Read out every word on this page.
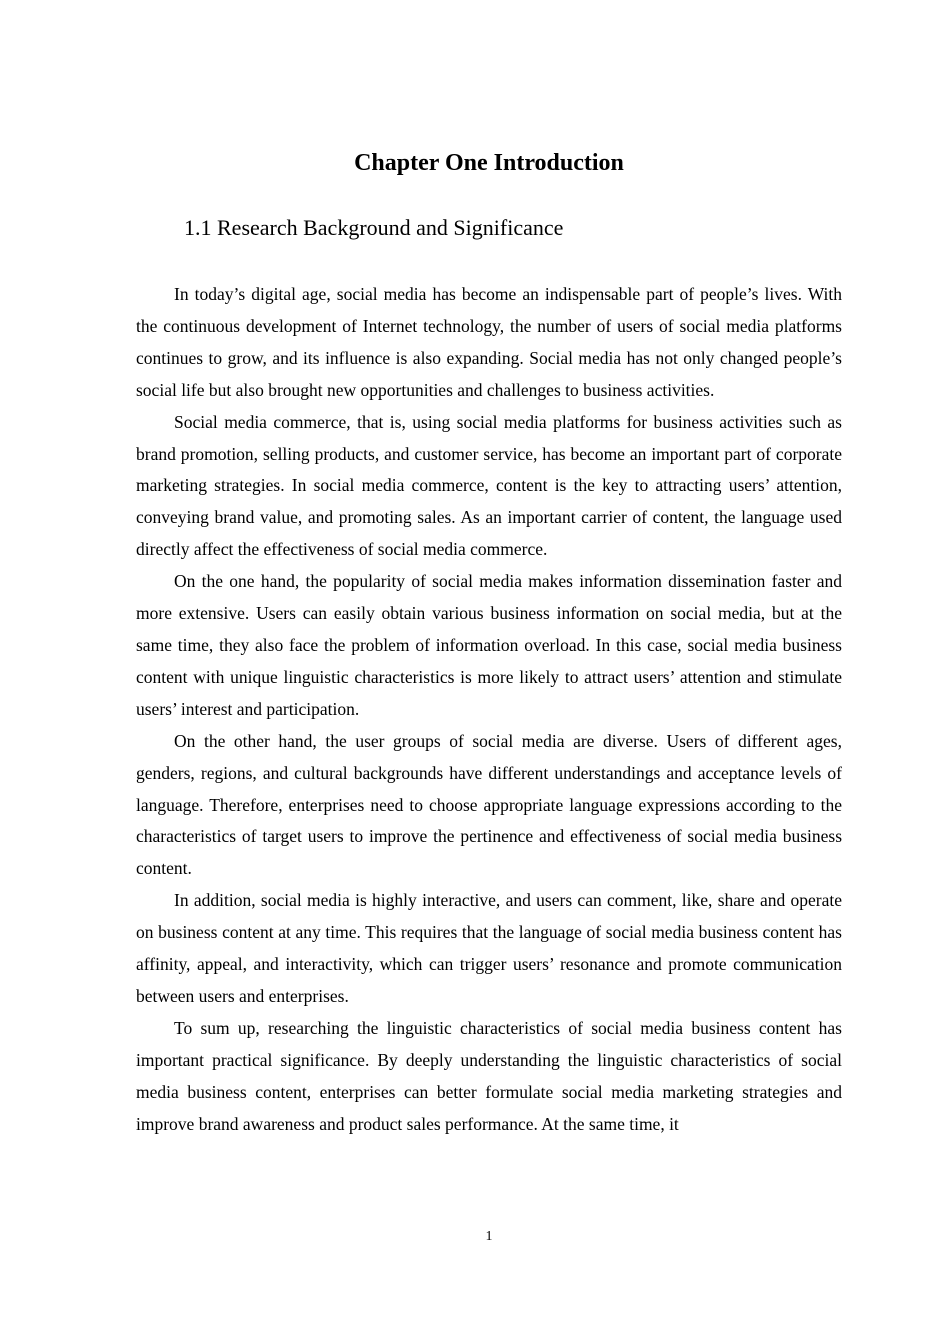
Chapter One Introduction
1.1 Research Background and Significance

In today’s digital age, social media has become an indispensable part of people’s lives. With the continuous development of Internet technology, the number of users of social media platforms continues to grow, and its influence is also expanding. Social media has not only changed people’s social life but also brought new opportunities and challenges to business activities.

Social media commerce, that is, using social media platforms for business activities such as brand promotion, selling products, and customer service, has become an important part of corporate marketing strategies. In social media commerce, content is the key to attracting users’ attention, conveying brand value, and promoting sales. As an important carrier of content, the language used directly affect the effectiveness of social media commerce.

On the one hand, the popularity of social media makes information dissemination faster and more extensive. Users can easily obtain various business information on social media, but at the same time, they also face the problem of information overload. In this case, social media business content with unique linguistic characteristics is more likely to attract users’ attention and stimulate users’ interest and participation.

On the other hand, the user groups of social media are diverse. Users of different ages, genders, regions, and cultural backgrounds have different understandings and acceptance levels of language. Therefore, enterprises need to choose appropriate language expressions according to the characteristics of target users to improve the pertinence and effectiveness of social media business content.

In addition, social media is highly interactive, and users can comment, like, share and operate on business content at any time. This requires that the language of social media business content has affinity, appeal, and interactivity, which can trigger users’ resonance and promote communication between users and enterprises.

To sum up, researching the linguistic characteristics of social media business content has important practical significance. By deeply understanding the linguistic characteristics of social media business content, enterprises can better formulate social media marketing strategies and improve brand awareness and product sales performance. At the same time, it

1
